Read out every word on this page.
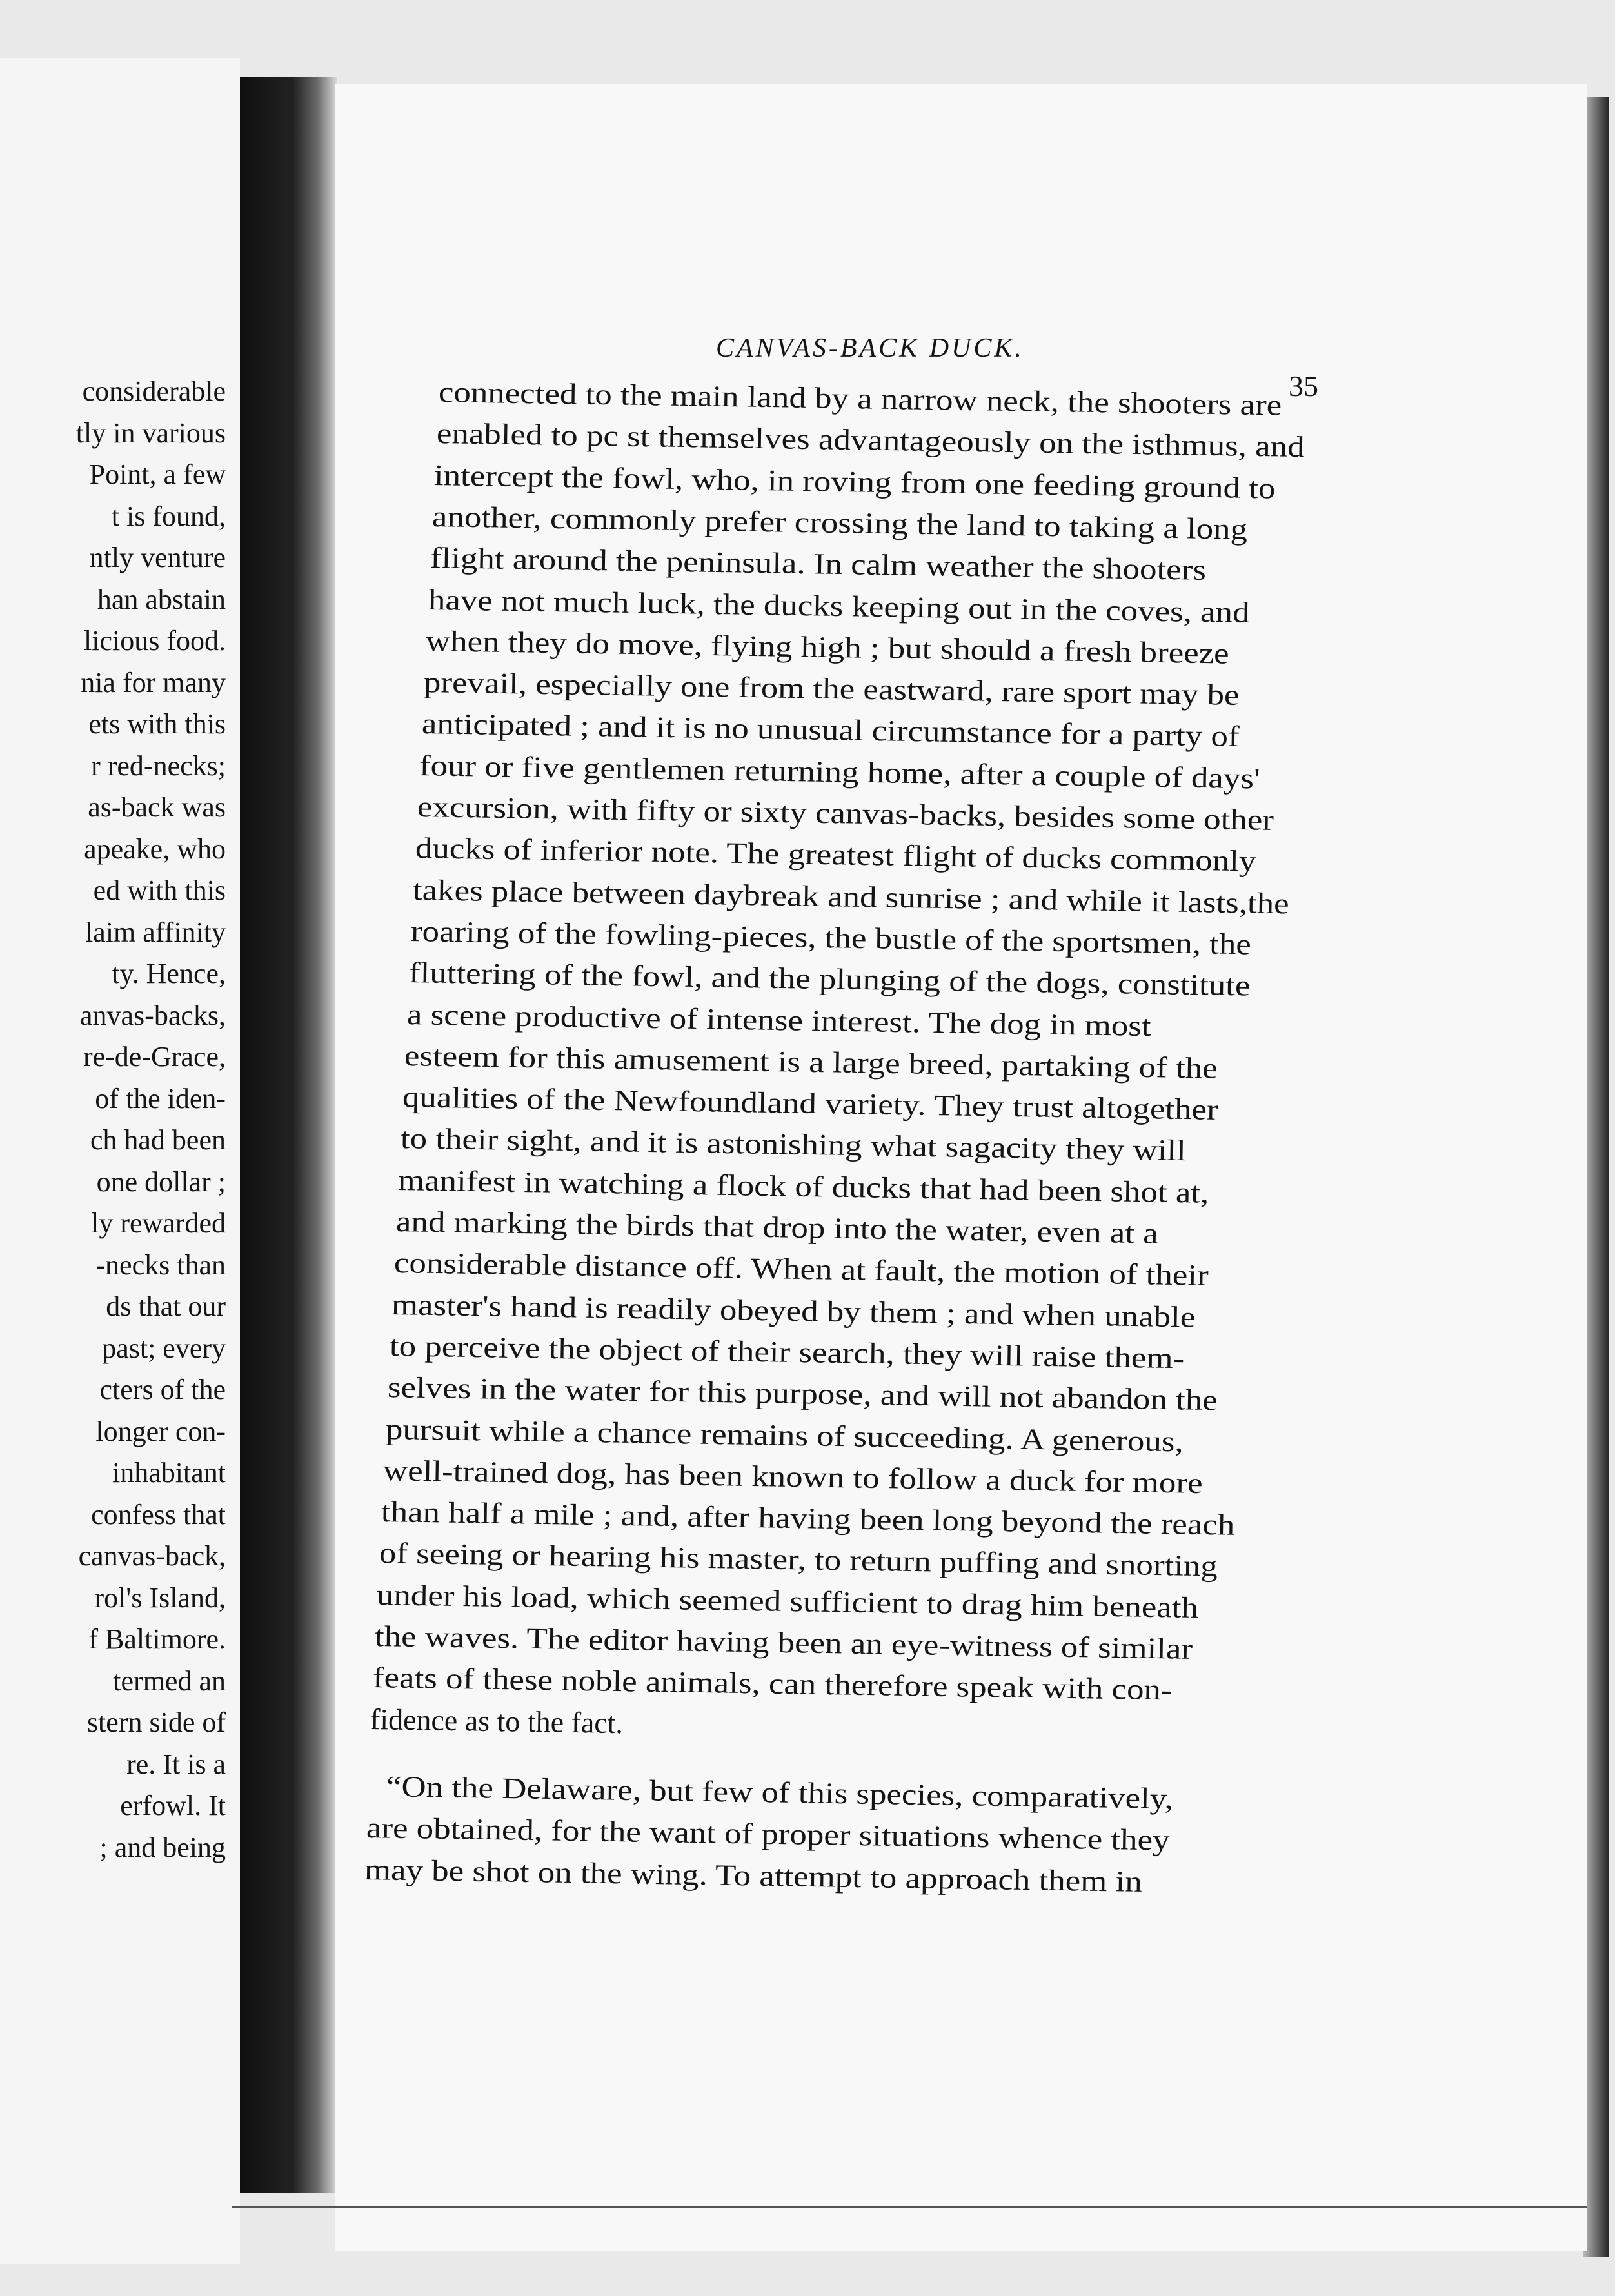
considerable
tly in various
Point, a few
t is found,
ntly venture
han abstain
licious food.
nia for many
ets with this
r red-necks;
as-back was
apeake, who
ed with this
laim affinity
ty. Hence,
anvas-backs,
re-de-Grace,
of the iden-
ch had been
one dollar ;
ly rewarded
-necks than
ds that our
past; every
cters of the
longer con-
inhabitant
confess that
canvas-back,
rol's Island,
f Baltimore.
termed an
stern side of
re. It is a
erfowl. It
; and being
CANVAS-BACK DUCK.
35
connected to the main land by a narrow neck, the shooters are
enabled to pc st themselves advantageously on the isthmus, and
intercept the fowl, who, in roving from one feeding ground to
another, commonly prefer crossing the land to taking a long
flight around the peninsula. In calm weather the shooters
have not much luck, the ducks keeping out in the coves, and
when they do move, flying high ; but should a fresh breeze
prevail, especially one from the eastward, rare sport may be
anticipated ; and it is no unusual circumstance for a party of
four or five gentlemen returning home, after a couple of days'
excursion, with fifty or sixty canvas-backs, besides some other
ducks of inferior note. The greatest flight of ducks commonly
takes place between daybreak and sunrise ; and while it lasts,the
roaring of the fowling-pieces, the bustle of the sportsmen, the
fluttering of the fowl, and the plunging of the dogs, constitute
a scene productive of intense interest. The dog in most
esteem for this amusement is a large breed, partaking of the
qualities of the Newfoundland variety. They trust altogether
to their sight, and it is astonishing what sagacity they will
manifest in watching a flock of ducks that had been shot at,
and marking the birds that drop into the water, even at a
considerable distance off. When at fault, the motion of their
master's hand is readily obeyed by them ; and when unable
to perceive the object of their search, they will raise them-
selves in the water for this purpose, and will not abandon the
pursuit while a chance remains of succeeding. A generous,
well-trained dog, has been known to follow a duck for more
than half a mile ; and, after having been long beyond the reach
of seeing or hearing his master, to return puffing and snorting
under his load, which seemed sufficient to drag him beneath
the waves. The editor having been an eye-witness of similar
feats of these noble animals, can therefore speak with con-
fidence as to the fact.
“On the Delaware, but few of this species, comparatively,
are obtained, for the want of proper situations whence they
may be shot on the wing. To attempt to approach them in
